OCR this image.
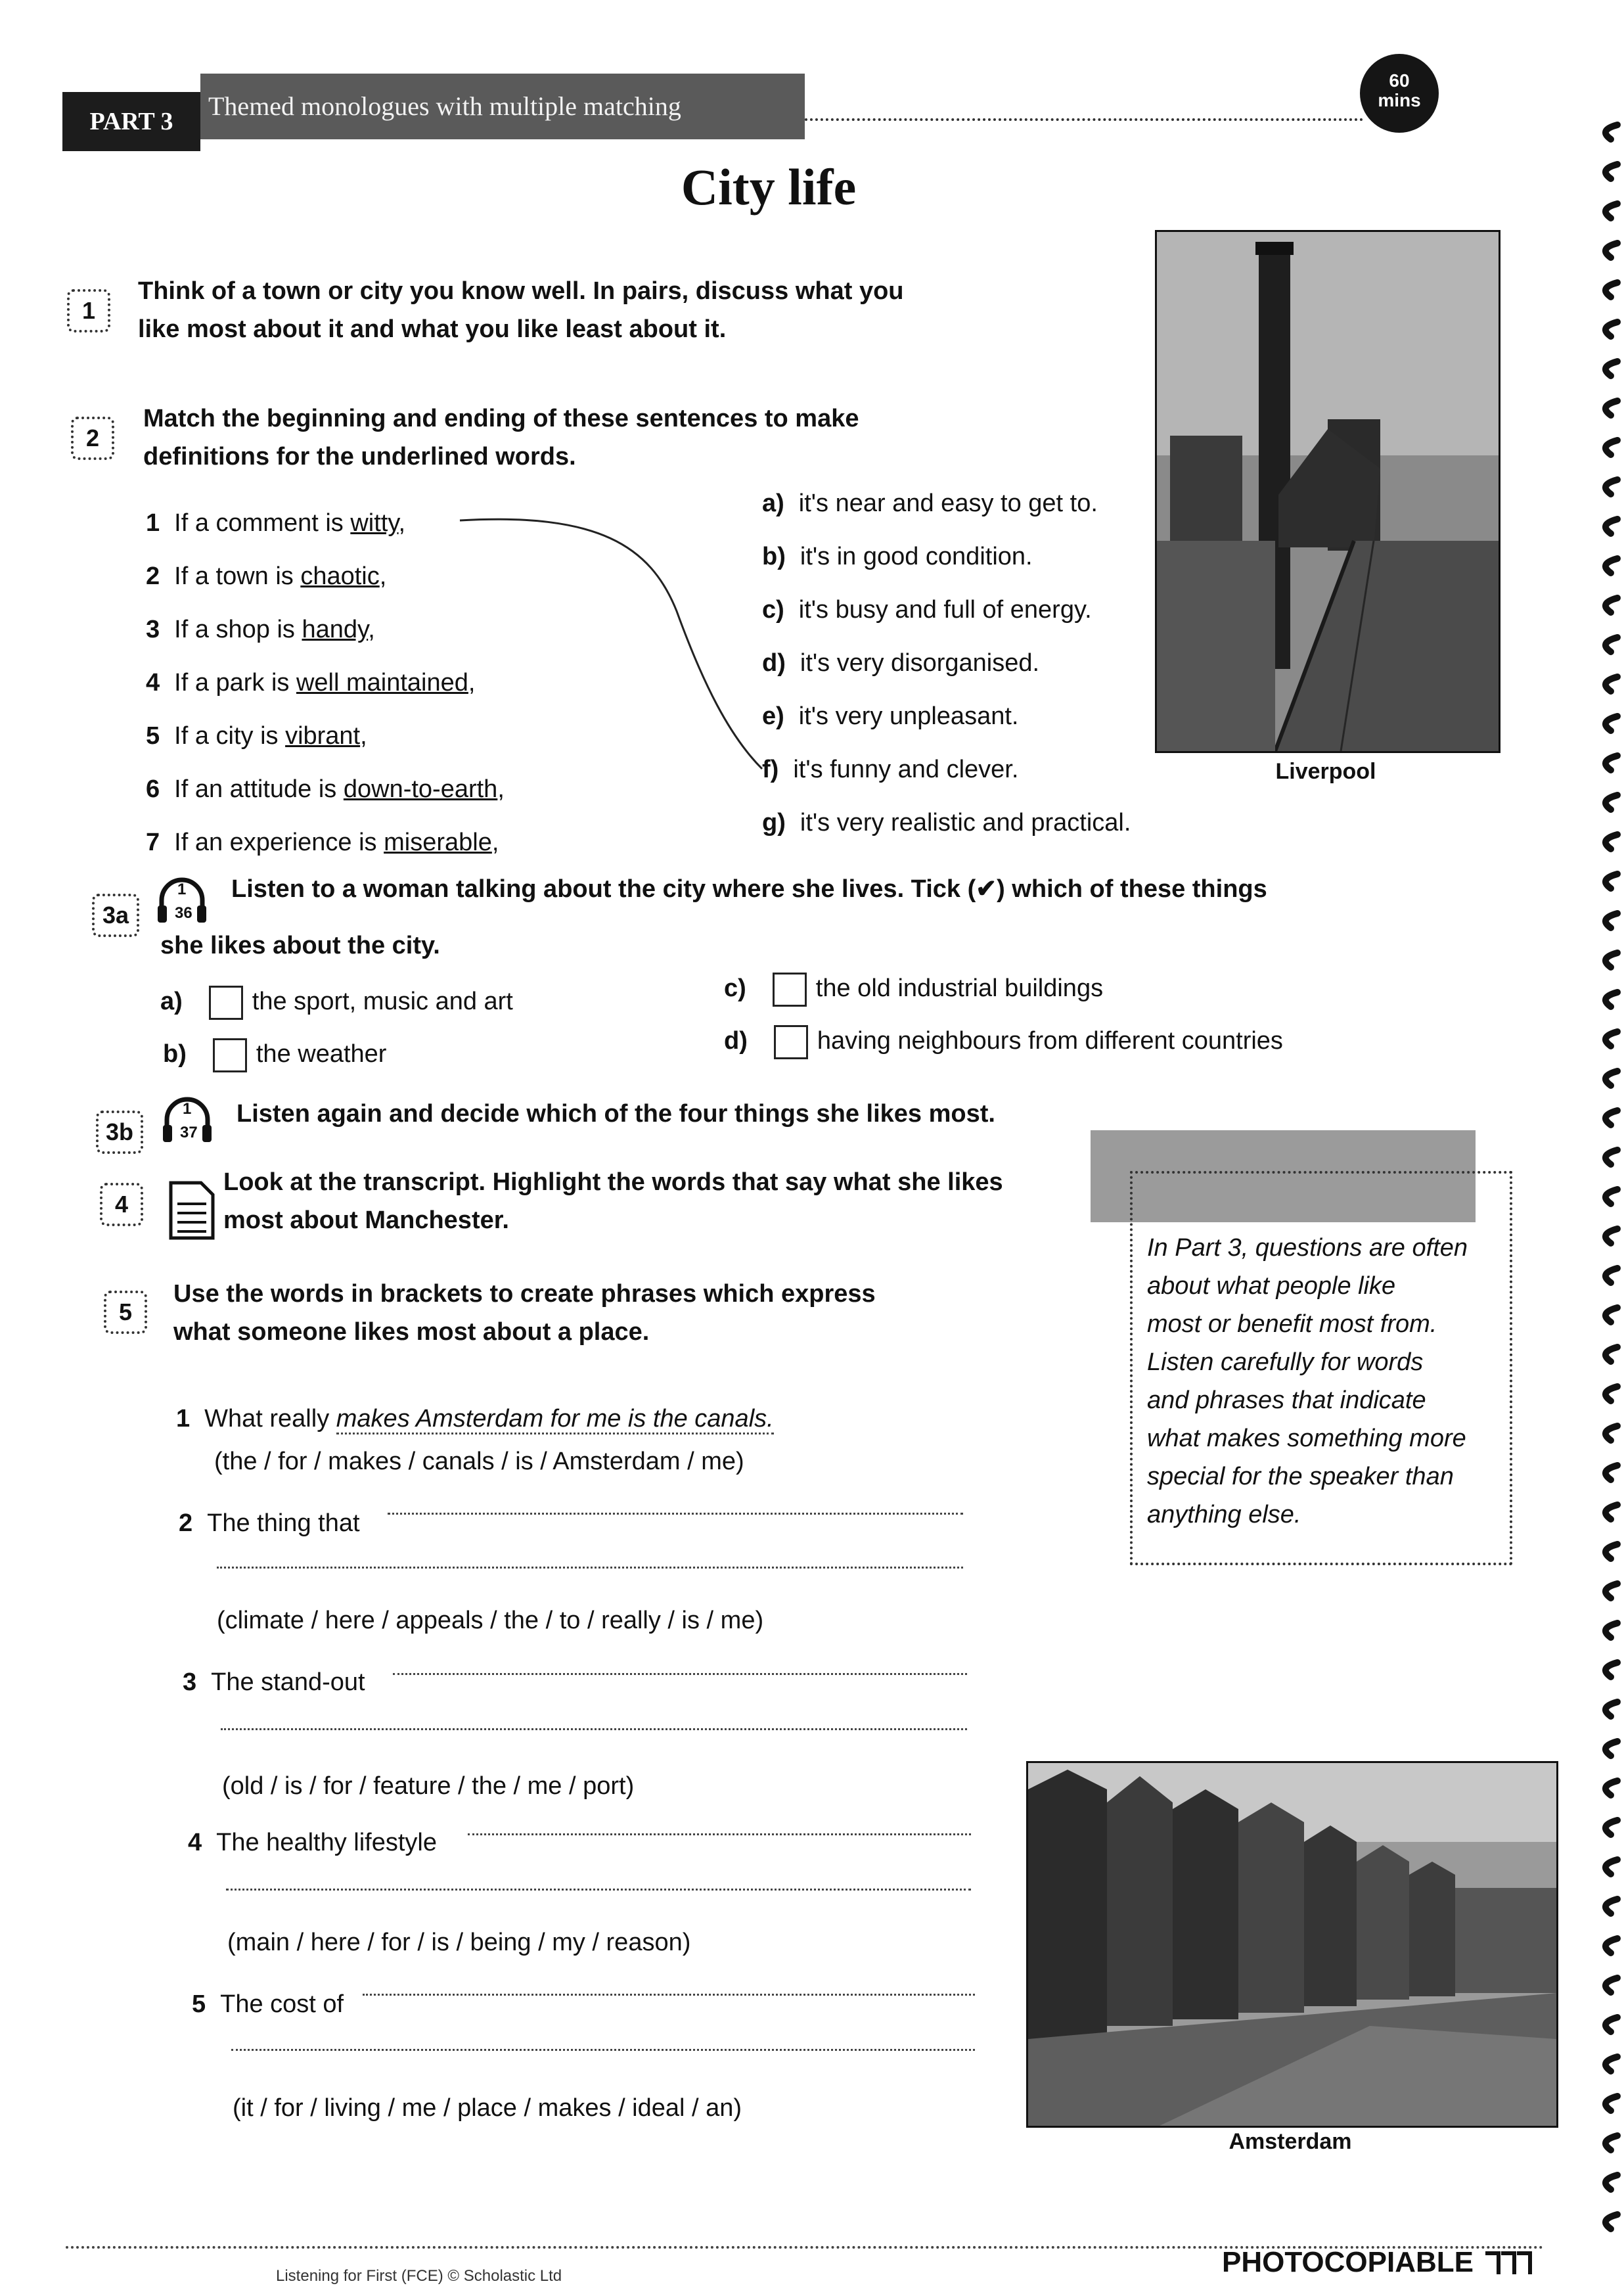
PART 3
Themed monologues with multiple matching
60
mins
City life
1
Think of a town or city you know well. In pairs, discuss what you
like most about it and what you like least about it.
2
Match the beginning and ending of these sentences to make
definitions for the underlined words.
1 If a comment is witty,
2 If a town is chaotic,
3 If a shop is handy,
4 If a park is well maintained,
5 If a city is vibrant,
6 If an attitude is down-to-earth,
7 If an experience is miserable,
a) it's near and easy to get to.
b) it's in good condition.
c) it's busy and full of energy.
d) it's very disorganised.
e) it's very unpleasant.
f) it's funny and clever.
g) it's very realistic and practical.
Liverpool
3a
1
36
Listen to a woman talking about the city where she lives. Tick (✔) which of these things
she likes about the city.
a)	the sport, music and art
b)	the weather
c)	the old industrial buildings
d)	having neighbours from different countries
3b
1
37
Listen again and decide which of the four things she likes most.
4
Look at the transcript. Highlight the words that say what she likes
most about Manchester.
In Part 3, questions are often
about what people like
most or benefit most from.
Listen carefully for words
and phrases that indicate
what makes something more
special for the speaker than
anything else.
5
Use the words in brackets to create phrases which express
what someone likes most about a place.
1 What really makes Amsterdam for me is the canals.
(the / for / makes / canals / is / Amsterdam / me)
2 The thing that
(climate / here / appeals / the / to / really / is / me)
3 The stand-out
(old / is / for / feature / the / me / port)
4 The healthy lifestyle
(main / here / for / is / being / my / reason)
5 The cost of
(it / for / living / me / place / makes / ideal / an)
Amsterdam
Listening for First (FCE) © Scholastic Ltd	PHOTOCOPIABLE
